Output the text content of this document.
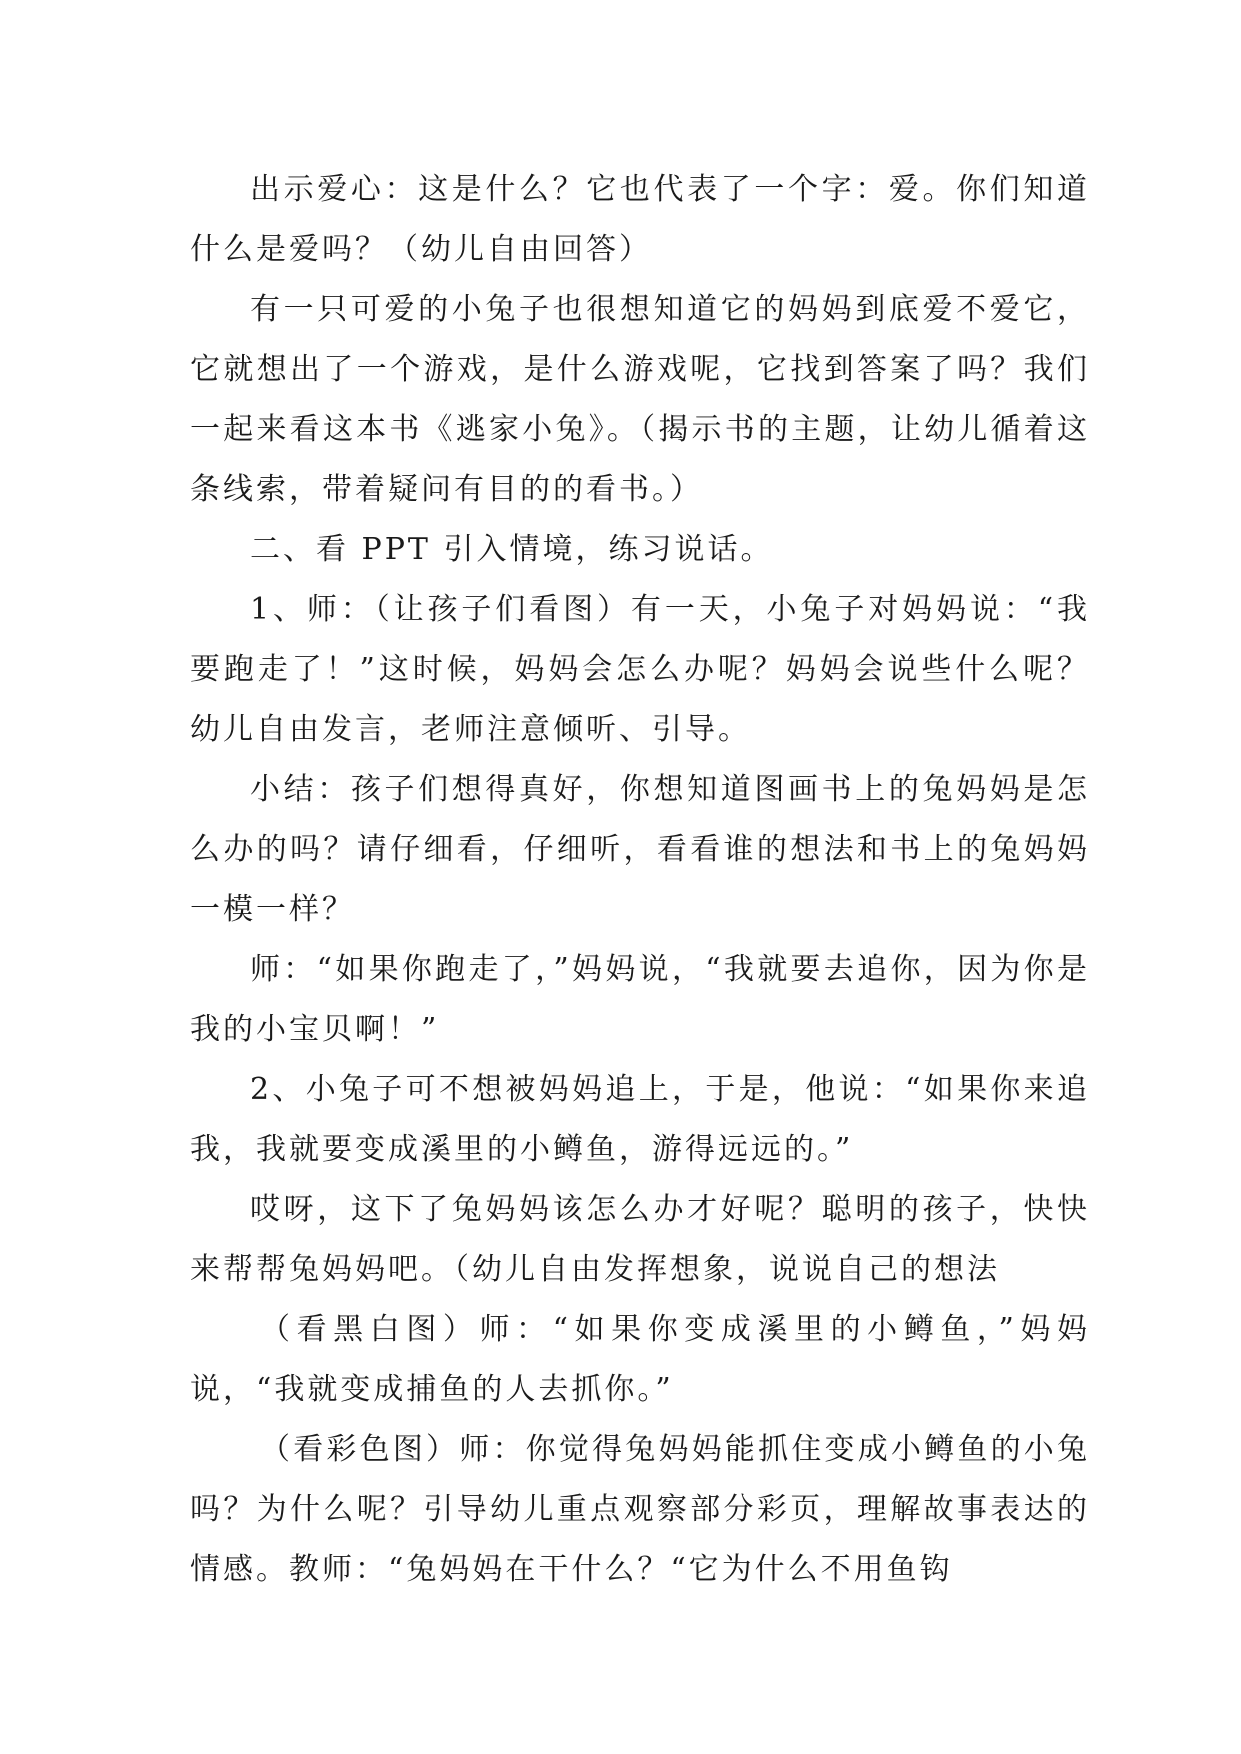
出示爱心：这是什么？它也代表了一个字：爱。你们知道什么是爱吗？（幼儿自由回答）

有一只可爱的小兔子也很想知道它的妈妈到底爱不爱它，它就想出了一个游戏，是什么游戏呢，它找到答案了吗？我们一起来看这本书《逃家小兔》。（揭示书的主题，让幼儿循着这条线索，带着疑问有目的的看书。）

二、看 PPT 引入情境，练习说话。

1、师：（让孩子们看图）有一天，小兔子对妈妈说：“我要跑走了！”这时候，妈妈会怎么办呢？妈妈会说些什么呢？幼儿自由发言，老师注意倾听、引导。

小结：孩子们想得真好，你想知道图画书上的兔妈妈是怎么办的吗？请仔细看，仔细听，看看谁的想法和书上的兔妈妈一模一样？

师：“如果你跑走了，”妈妈说，“我就要去追你，因为你是我的小宝贝啊！”

2、小兔子可不想被妈妈追上，于是，他说：“如果你来追我，我就要变成溪里的小鳟鱼，游得远远的。”

哎呀，这下了兔妈妈该怎么办才好呢？聪明的孩子，快快来帮帮兔妈妈吧。（幼儿自由发挥想象，说说自己的想法

（看黑白图）师：“如果你变成溪里的小鳟鱼，”妈妈说，“我就变成捕鱼的人去抓你。”

（看彩色图）师：你觉得兔妈妈能抓住变成小鳟鱼的小兔吗？为什么呢？引导幼儿重点观察部分彩页，理解故事表达的情感。教师：“兔妈妈在干什么？“它为什么不用鱼钩
